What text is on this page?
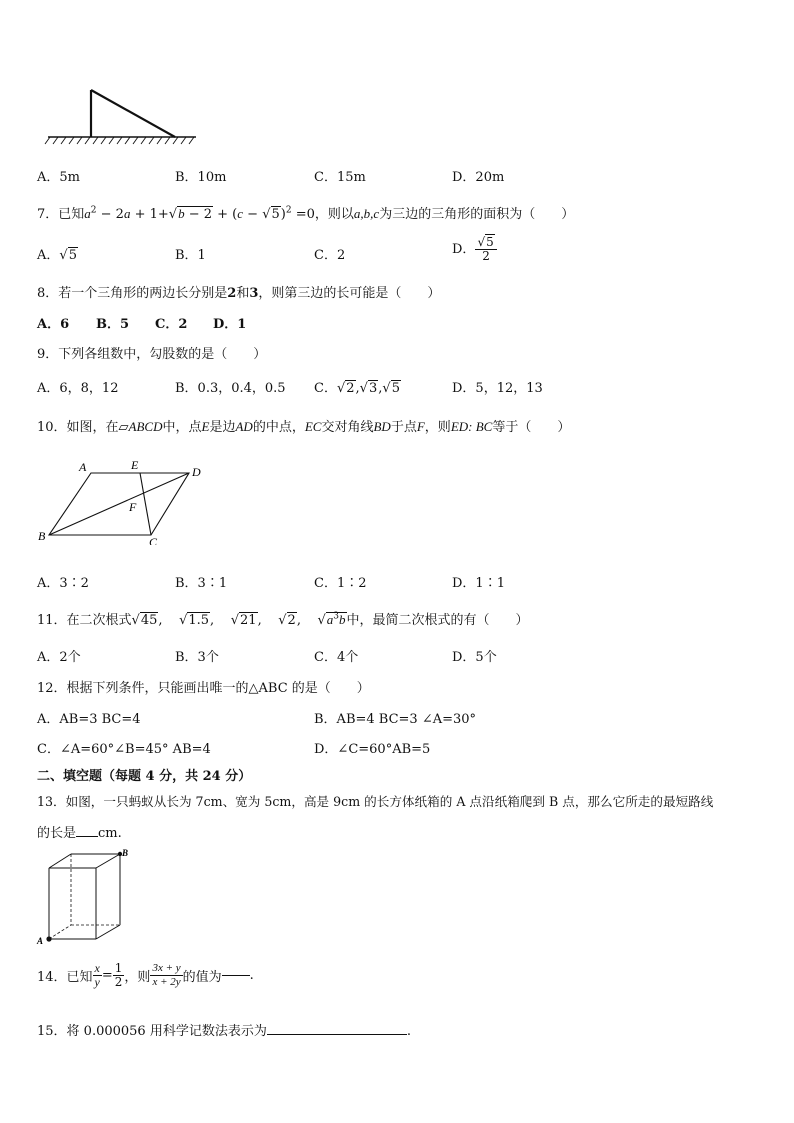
A．5m	B．10m	C．15m	D．20m
7．已知$a^2 - 2a + 1+√b - 2 + (c - √5)^2 =0$，则以a,b,c为三边的三角形的面积为（　　）
A．√5	B．1	C．2	D． $\frac{√5}{2}$
8．若一个三角形的两边长分别是2和3，则第三边的长可能是（　　）
A．6 B．5 C．2 D．1
9．下列各组数中，勾股数的是（　　）
A．6，8，12	B．0.3，0.4，0.5 C．√2,√3,√5	D．5，12，13
10．如图，在▱ABCD中，点E是边AD的中点，EC交对角线BD于点F，则ED: BC等于（　　）
A	E	D
F
B	C
A．3∶2	B．3∶1	C．1∶2	D．1∶1
11．在二次根式√45,    √1.5,    √21,    √2,    $√a^3b$中，最简二次根式的有（　　）
A．2个	B．3个	C．4个	D．5个
12．根据下列条件，只能画出唯一的△ABC 的是（　　）
A．AB=3 BC=4	B．AB=4 BC=3 ∠A=30°
C．∠A=60°∠B=45° AB=4	D．∠C=60°AB=5
二、填空题（每题 4 分，共 24 分）
13．如图，一只蚂蚁从长为 7cm、宽为 5cm，高是 9cm 的长方体纸箱的 A 点沿纸箱爬到 B 点，那么它所走的最短路线
的长是 cm.
A
B
14．已知 $\frac{x}{y} = \frac{1}{2}$ ，则 $\frac{3x + y}{x + 2y}$ 的值为 .
15．将 0.000056 用科学记数法表示为	.
